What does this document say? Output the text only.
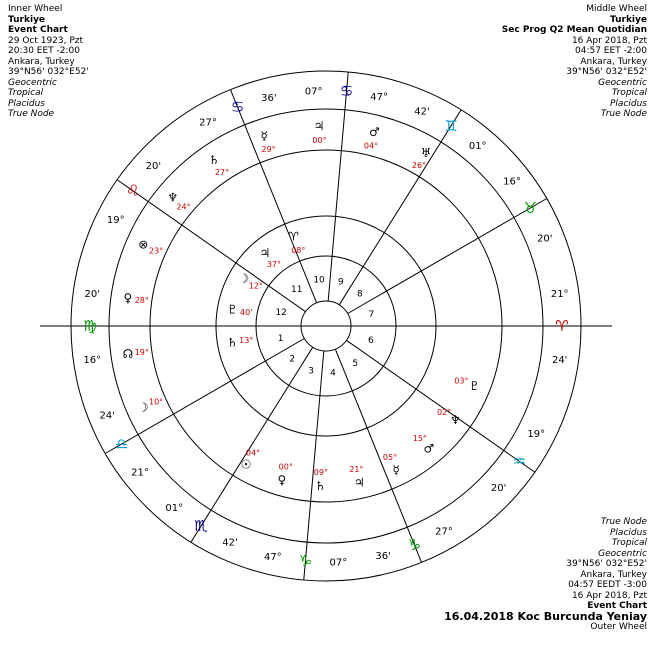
Inner Wheel
Turkiye
Event Chart
29 Oct 1923, Pzt
20:30 EET -2:00
Ankara, Turkey
39°N56' 032°E52'
Geocentric
Tropical
Placidus
True Node
Middle Wheel
Turkiye
Sec Prog Q2 Mean Quotidian
16 Apr 2018, Pzt
04:57 EET -2:00
Ankara, Turkey
39°N56' 032°E52'
Geocentric
Tropical
Placidus
True Node
True Node
Placidus
Tropical
Geocentric
39°N56' 032°E52'
Ankara, Turkey
04:57 EEDT -3:00
16 Apr 2018, Pzt
Event Chart
16.04.2018 Koc Burcunda Yeniay
Outer Wheel
1
2
3 4
5
6
7
8
9
10
11
12
♈
21°
24'
♉
16°
20'
♊
42'
01°
♋
07°
47°
♋
27°
36'
♌
19°
20'
♍
16°
20'
♎
21°
24'
♏
42'
01°
♑ 07°
47°
♑
27°
36'
♒
19°
20'
♅
26°
♂
04°
♃
00°
☿
29°
♄
27°
♆
24°
⊗ 23°
♀ 28°
☊ 19°
☽ 10°
☉
04°
♀
00°
♄
09°
♃
21° ☿
05°
♂
15°
♆
02°
♇
03°
♈
08°
♃
37°
☽
12°
♇ 40'
♄ 13°
